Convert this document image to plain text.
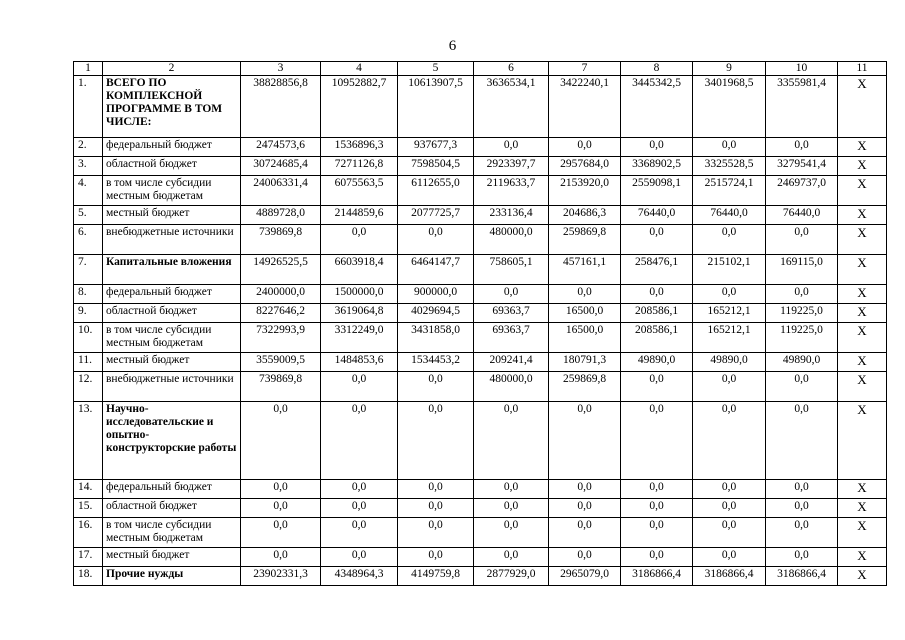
6
1	2	3	4	5	6	7	8	9	10	11
1.	ВСЕГО ПО КОМПЛЕКСНОЙ ПРОГРАММЕ В ТОМ ЧИСЛЕ:	38828856,8	10952882,7	10613907,5	3636534,1	3422240,1	3445342,5	3401968,5	3355981,4	Х
2.	федеральный бюджет	2474573,6	1536896,3	937677,3	0,0	0,0	0,0	0,0	0,0	Х
3.	областной бюджет	30724685,4	7271126,8	7598504,5	2923397,7	2957684,0	3368902,5	3325528,5	3279541,4	Х
4.	в том числе субсидии местным бюджетам	24006331,4	6075563,5	6112655,0	2119633,7	2153920,0	2559098,1	2515724,1	2469737,0	Х
5.	местный бюджет	4889728,0	2144859,6	2077725,7	233136,4	204686,3	76440,0	76440,0	76440,0	Х
6.	внебюджетные источники	739869,8	0,0	0,0	480000,0	259869,8	0,0	0,0	0,0	Х
7.	Капитальные вложения	14926525,5	6603918,4	6464147,7	758605,1	457161,1	258476,1	215102,1	169115,0	Х
8.	федеральный бюджет	2400000,0	1500000,0	900000,0	0,0	0,0	0,0	0,0	0,0	Х
9.	областной бюджет	8227646,2	3619064,8	4029694,5	69363,7	16500,0	208586,1	165212,1	119225,0	Х
10.	в том числе субсидии местным бюджетам	7322993,9	3312249,0	3431858,0	69363,7	16500,0	208586,1	165212,1	119225,0	Х
11.	местный бюджет	3559009,5	1484853,6	1534453,2	209241,4	180791,3	49890,0	49890,0	49890,0	Х
12.	внебюджетные источники	739869,8	0,0	0,0	480000,0	259869,8	0,0	0,0	0,0	Х
13.	Научно-исследовательские и опытно-конструкторские работы	0,0	0,0	0,0	0,0	0,0	0,0	0,0	0,0	Х
14.	федеральный бюджет	0,0	0,0	0,0	0,0	0,0	0,0	0,0	0,0	Х
15.	областной бюджет	0,0	0,0	0,0	0,0	0,0	0,0	0,0	0,0	Х
16.	в том числе субсидии местным бюджетам	0,0	0,0	0,0	0,0	0,0	0,0	0,0	0,0	Х
17.	местный бюджет	0,0	0,0	0,0	0,0	0,0	0,0	0,0	0,0	Х
18.	Прочие нужды	23902331,3	4348964,3	4149759,8	2877929,0	2965079,0	3186866,4	3186866,4	3186866,4	Х
